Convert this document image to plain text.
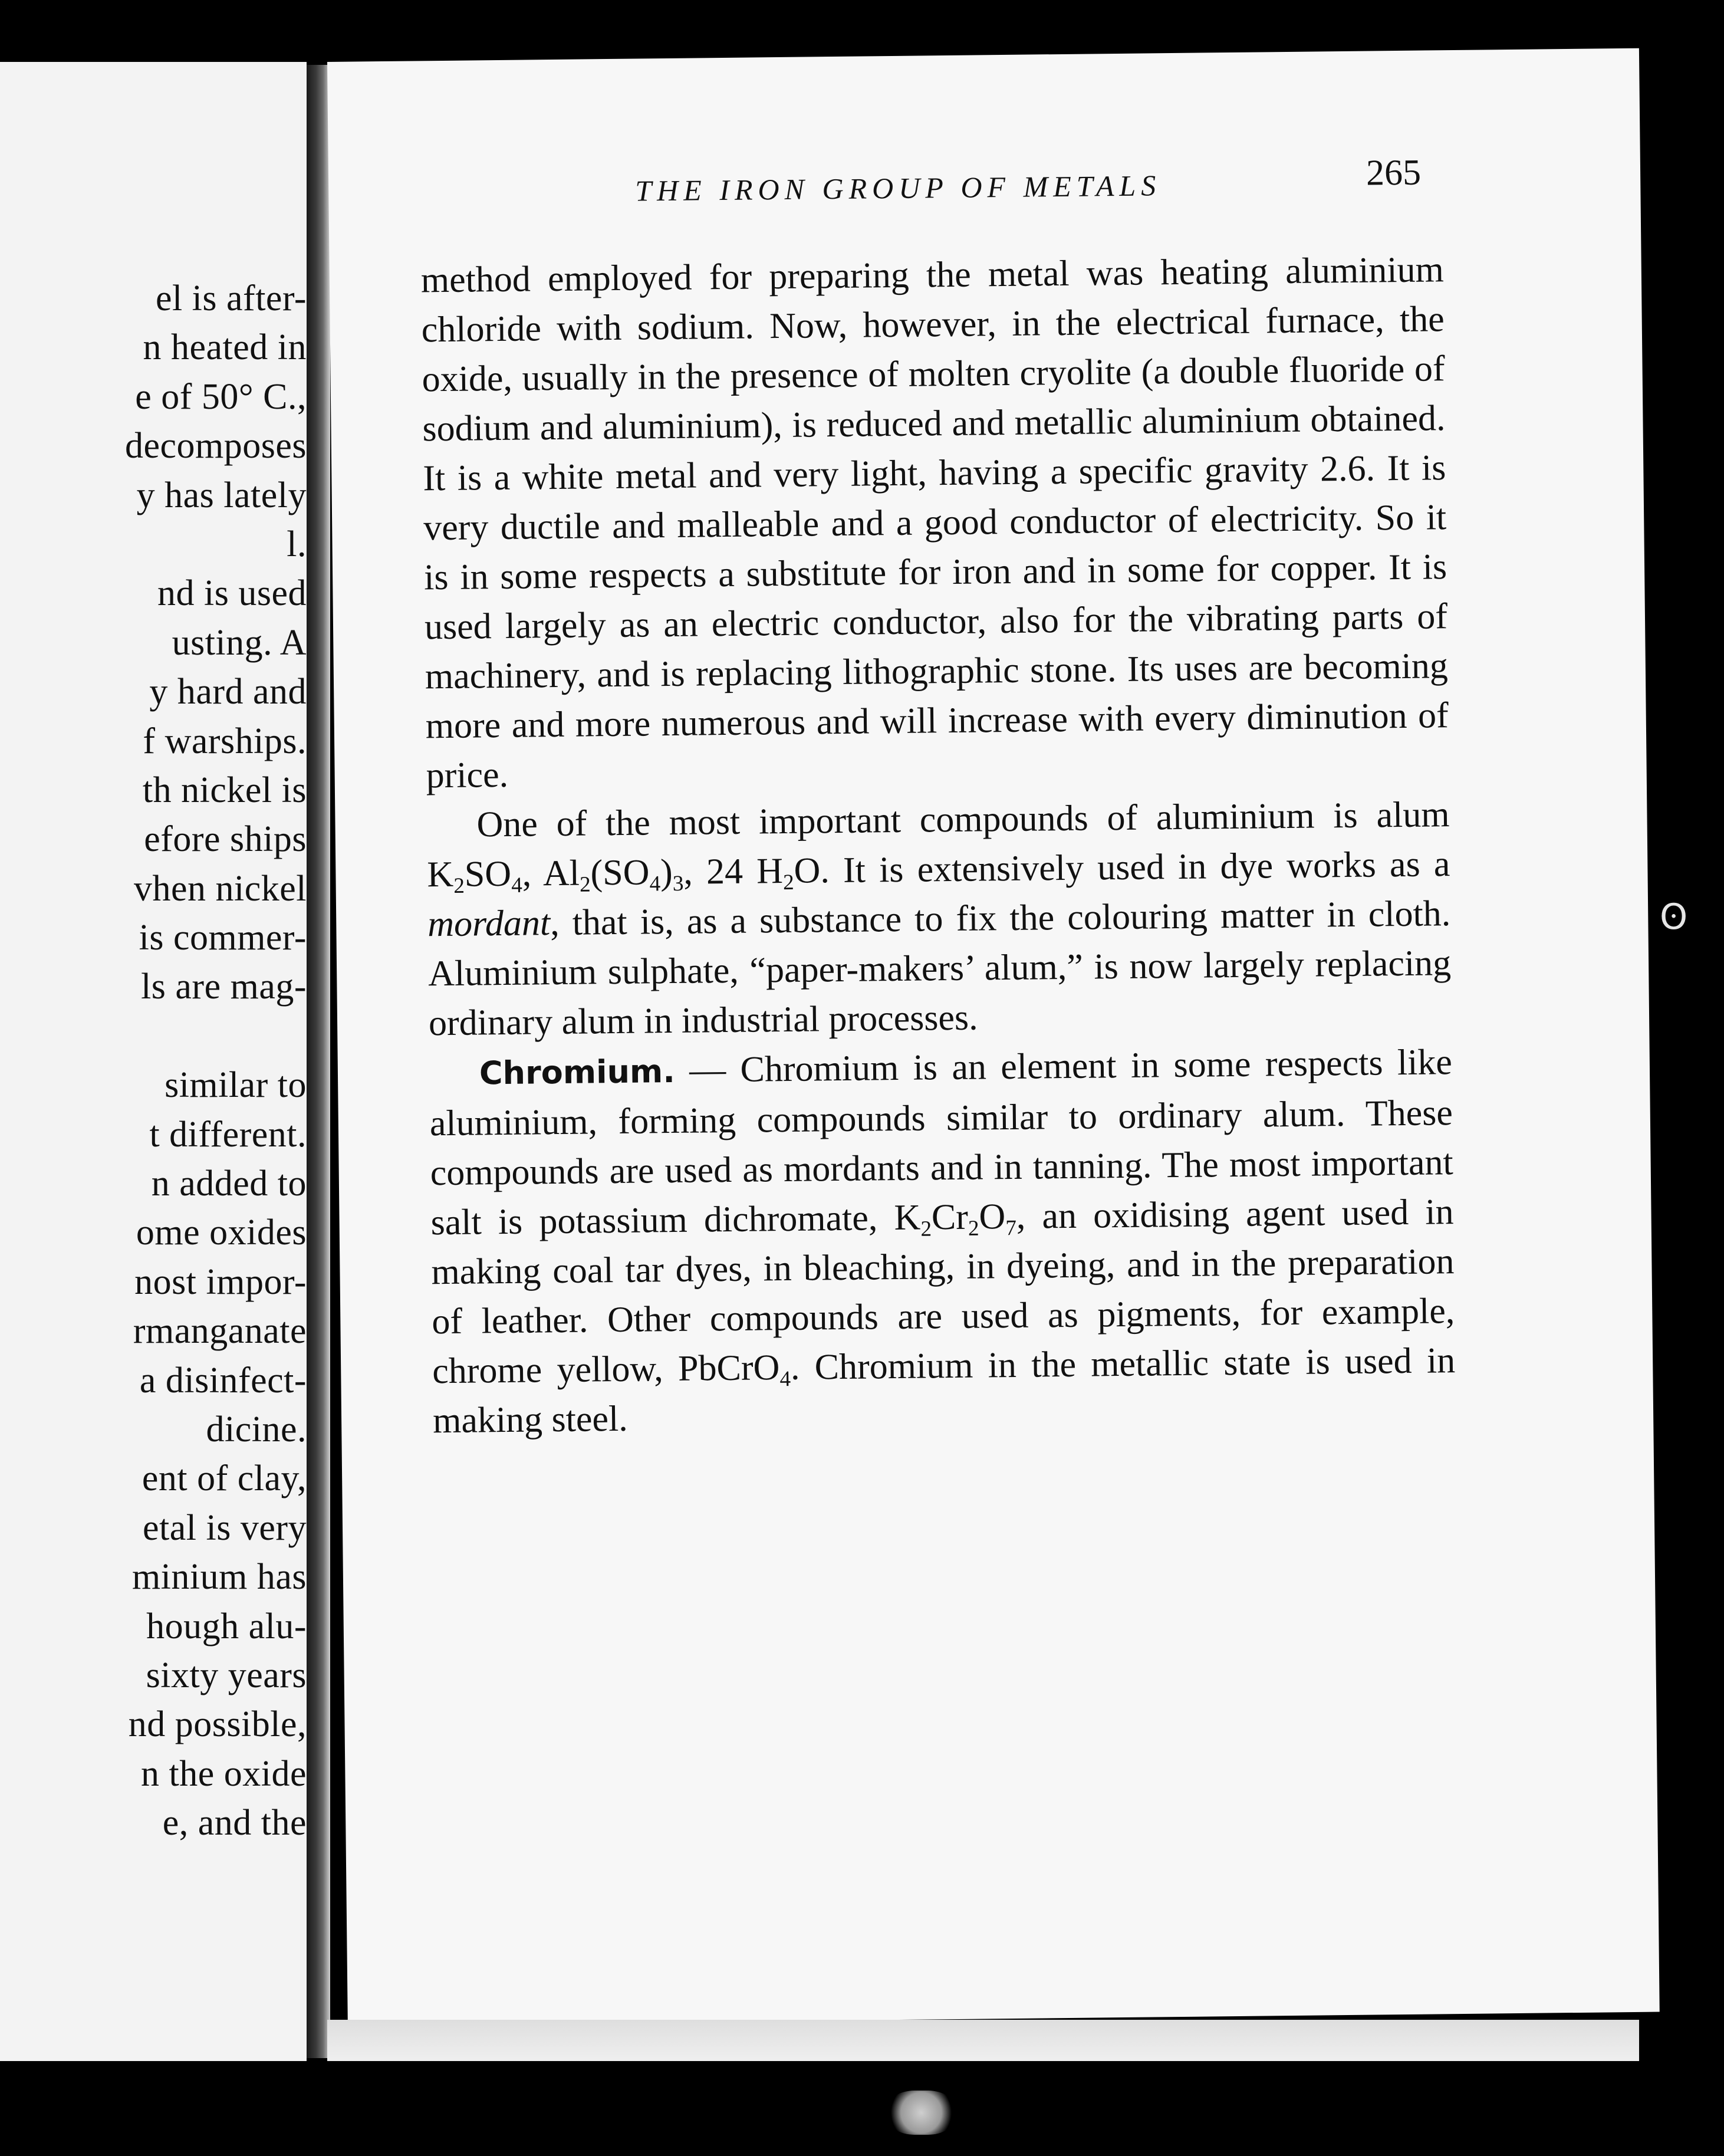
el is after-
n heated in
e of 50° C.,
decomposes
y has lately
l.
nd is used
usting. A
y hard and
f warships.
th nickel is
efore ships
vhen nickel
is commer-
ls are mag-
similar to
t different.
n added to
ome oxides
nost impor-
rmanganate
a disinfect-
dicine.
ent of clay,
etal is very
minium has
hough alu-
sixty years
nd possible,
n the oxide
e, and the
THE IRON GROUP OF METALS	265

method employed for preparing the metal was heating aluminium chloride with sodium. Now, however, in the electrical furnace, the oxide, usually in the presence of molten cryolite (a double fluoride of sodium and aluminium), is reduced and metallic aluminium obtained. It is a white metal and very light, having a specific gravity 2.6. It is very ductile and malleable and a good conductor of electricity. So it is in some respects a substitute for iron and in some for copper. It is used largely as an electric conductor, also for the vibrating parts of machinery, and is replacing lithographic stone. Its uses are becoming more and more numerous and will increase with every diminution of price.

One of the most important compounds of aluminium is alum $K_2SO_4$, $Al_2(SO_4)_3$, 24 $H_2O$. It is extensively used in dye works as a mordant, that is, as a substance to fix the colouring matter in cloth. Aluminium sulphate, “paper-makers’ alum,” is now largely replacing ordinary alum in industrial processes.

Chromium. — Chromium is an element in some respects like aluminium, forming compounds similar to ordinary alum. These compounds are used as mordants and in tanning. The most important salt is potassium dichromate, $K_2Cr_2O_7$, an oxidising agent used in making coal tar dyes, in bleaching, in dyeing, and in the preparation of leather. Other compounds are used as pigments, for example, chrome yellow, PbCrO$_4$. Chromium in the metallic state is used in making steel.

ʘ
